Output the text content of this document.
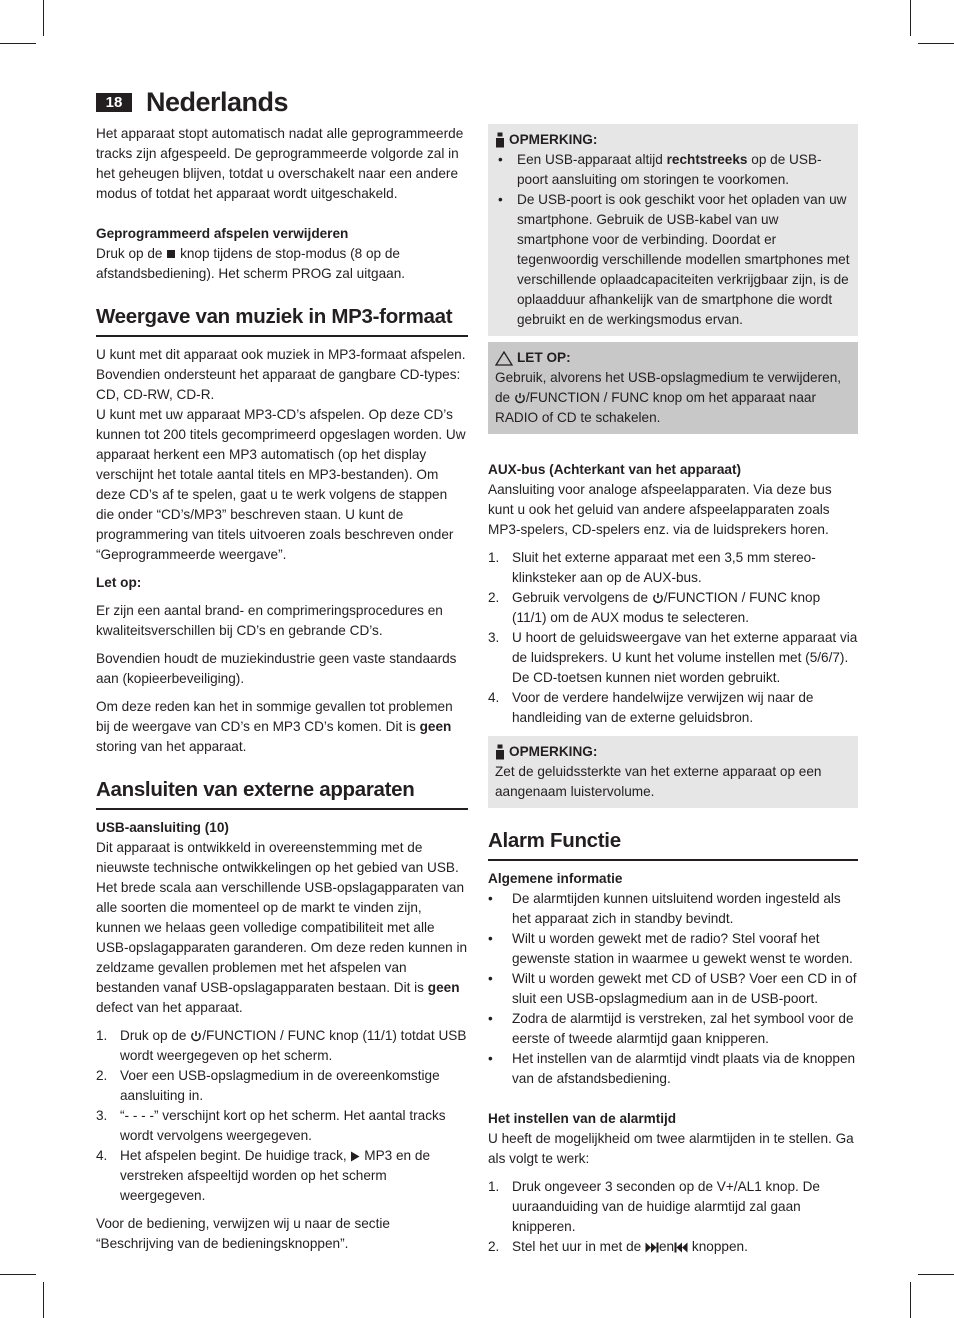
18 Nederlands

Het apparaat stopt automatisch nadat alle geprogrammeerde tracks zijn afgespeeld. De geprogrammeerde volgorde zal in het geheugen blijven, totdat u overschakelt naar een andere modus of totdat het apparaat wordt uitgeschakeld.

Geprogrammeerd afspelen verwijderen

Druk op de knop tijdens de stop-modus (8 op de afstandsbediening). Het scherm PROG zal uitgaan.

Weergave van muziek in MP3-formaat

U kunt met dit apparaat ook muziek in MP3-formaat afspelen. Bovendien ondersteunt het apparaat de gangbare CD-types: CD, CD-RW, CD-R.

U kunt met uw apparaat MP3-CD’s afspelen. Op deze CD’s kunnen tot 200 titels gecomprimeerd opgeslagen worden. Uw apparaat herkent een MP3 automatisch (op het display verschijnt het totale aantal titels en MP3-bestanden). Om deze CD’s af te spelen, gaat u te werk volgens de stappen die onder “CD’s/MP3” beschreven staan. U kunt de programmering van titels uitvoeren zoals beschreven onder “Geprogrammeerde weergave”.

Let op:

Er zijn een aantal brand- en comprimeringsprocedures en kwaliteitsverschillen bij CD’s en gebrande CD’s.

Bovendien houdt de muziekindustrie geen vaste standaards aan (kopieerbeveiliging).

Om deze reden kan het in sommige gevallen tot problemen bij de weergave van CD’s en MP3 CD’s komen. Dit is geen storing van het apparaat.

Aansluiten van externe apparaten

USB-aansluiting (10)

Dit apparaat is ontwikkeld in overeenstemming met de nieuwste technische ontwikkelingen op het gebied van USB. Het brede scala aan verschillende USB-opslagapparaten van alle soorten die momenteel op de markt te vinden zijn, kunnen we helaas geen volledige compatibiliteit met alle USB-opslagapparaten garanderen. Om deze reden kunnen in zeldzame gevallen problemen met het afspelen van bestanden vanaf USB-opslagapparaten bestaan. Dit is geen defect van het apparaat.

1. Druk op de /FUNCTION / FUNC knop (11/1) totdat USB wordt weergegeven op het scherm.
2. Voer een USB-opslagmedium in de overeenkomstige aansluiting in.
3. “- - - -” verschijnt kort op het scherm. Het aantal tracks wordt vervolgens weergegeven.
4. Het afspelen begint. De huidige track, MP3 en de verstreken afspeeltijd worden op het scherm weergegeven.

Voor de bediening, verwijzen wij u naar de sectie “Beschrijving van de bedieningsknoppen”.

OPMERKING:
• Een USB-apparaat altijd rechtstreeks op de USB-poort aansluiting om storingen te voorkomen.
• De USB-poort is ook geschikt voor het opladen van uw smartphone. Gebruik de USB-kabel van uw smartphone voor de verbinding. Doordat er tegenwoordig verschillende modellen smartphones met verschillende oplaadcapaciteiten verkrijgbaar zijn, is de oplaadduur afhankelijk van de smartphone die wordt gebruikt en de werkingsmodus ervan.
LET OP:

Gebruik, alvorens het USB-opslagmedium te verwijderen, de /FUNCTION / FUNC knop om het apparaat naar RADIO of CD te schakelen.

AUX-bus (Achterkant van het apparaat)

Aansluiting voor analoge afspeelapparaten. Via deze bus kunt u ook het geluid van andere afspeelapparaten zoals MP3-spelers, CD-spelers enz. via de luidsprekers horen.

1. Sluit het externe apparaat met een 3,5 mm stereo-klinksteker aan op de AUX-bus.
2. Gebruik vervolgens de /FUNCTION / FUNC knop (11/1) om de AUX modus te selecteren.
3. U hoort de geluidsweergave van het externe apparaat via de luidsprekers. U kunt het volume instellen met (5/6/7). De CD-toetsen kunnen niet worden gebruikt.
4. Voor de verdere handelwijze verwijzen wij naar de handleiding van de externe geluidsbron.
OPMERKING:

Zet de geluidssterkte van het externe apparaat op een aangenaam luistervolume.

Alarm Functie

Algemene informatie

• De alarmtijden kunnen uitsluitend worden ingesteld als het apparaat zich in standby bevindt.
• Wilt u worden gewekt met de radio? Stel vooraf het gewenste station in waarmee u gewekt wenst te worden.
• Wilt u worden gewekt met CD of USB? Voer een CD in of sluit een USB-opslagmedium aan in de USB-poort.
• Zodra de alarmtijd is verstreken, zal het symbool voor de eerste of tweede alarmtijd gaan knipperen.
• Het instellen van de alarmtijd vindt plaats via de knoppen van de afstandsbediening.

Het instellen van de alarmtijd

U heeft de mogelijkheid om twee alarmtijden in te stellen. Ga als volgt te werk:

1. Druk ongeveer 3 seconden op de V+/AL1 knop. De uuraanduiding van de huidige alarmtijd zal gaan knipperen.
2. Stel het uur in met de en knoppen.
